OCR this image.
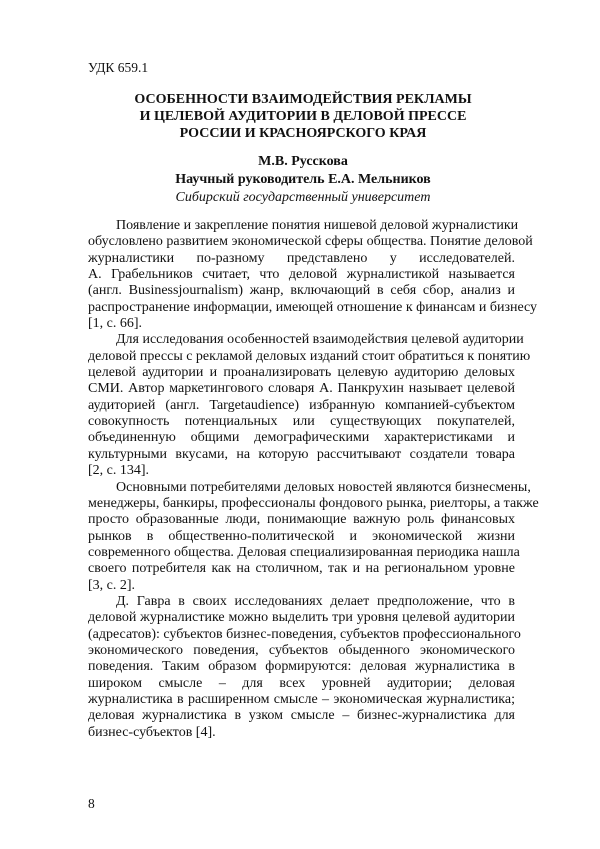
УДК 659.1
ОСОБЕННОСТИ ВЗАИМОДЕЙСТВИЯ РЕКЛАМЫ
И ЦЕЛЕВОЙ АУДИТОРИИ В ДЕЛОВОЙ ПРЕССЕ
РОССИИ И КРАСНОЯРСКОГО КРАЯ
М.В. Русскова
Научный руководитель Е.А. Мельников
Сибирский государственный университет
Появление и закрепление понятия нишевой деловой журналистики
обусловлено развитием экономической сферы общества. Понятие деловой
журналистики по-разному представлено у исследователей.
А. Грабельников считает, что деловой журналистикой называется
(англ. Businessjournalism) жанр, включающий в себя сбор, анализ и
распространение информации, имеющей отношение к финансам и бизнесу
[1, с. 66].
Для исследования особенностей взаимодействия целевой аудитории
деловой прессы с рекламой деловых изданий стоит обратиться к понятию
целевой аудитории и проанализировать целевую аудиторию деловых
СМИ. Автор маркетингового словаря А. Панкрухин называет целевой
аудиторией (англ. Targetaudience) избранную компанией-субъектом
совокупность потенциальных или существующих покупателей,
объединенную общими демографическими характеристиками и
культурными вкусами, на которую рассчитывают создатели товара
[2, с. 134].
Основными потребителями деловых новостей являются бизнесмены,
менеджеры, банкиры, профессионалы фондового рынка, риелторы, а также
просто образованные люди, понимающие важную роль финансовых
рынков в общественно-политической и экономической жизни
современного общества. Деловая специализированная периодика нашла
своего потребителя как на столичном, так и на региональном уровне
[3, с. 2].
Д. Гавра в своих исследованиях делает предположение, что в
деловой журналистике можно выделить три уровня целевой аудитории
(адресатов): субъектов бизнес-поведения, субъектов профессионального
экономического поведения, субъектов обыденного экономического
поведения. Таким образом формируются: деловая журналистика в
широком смысле – для всех уровней аудитории; деловая
журналистика в расширенном смысле – экономическая журналистика;
деловая журналистика в узком смысле – бизнес-журналистика для
бизнес-субъектов [4].
8
